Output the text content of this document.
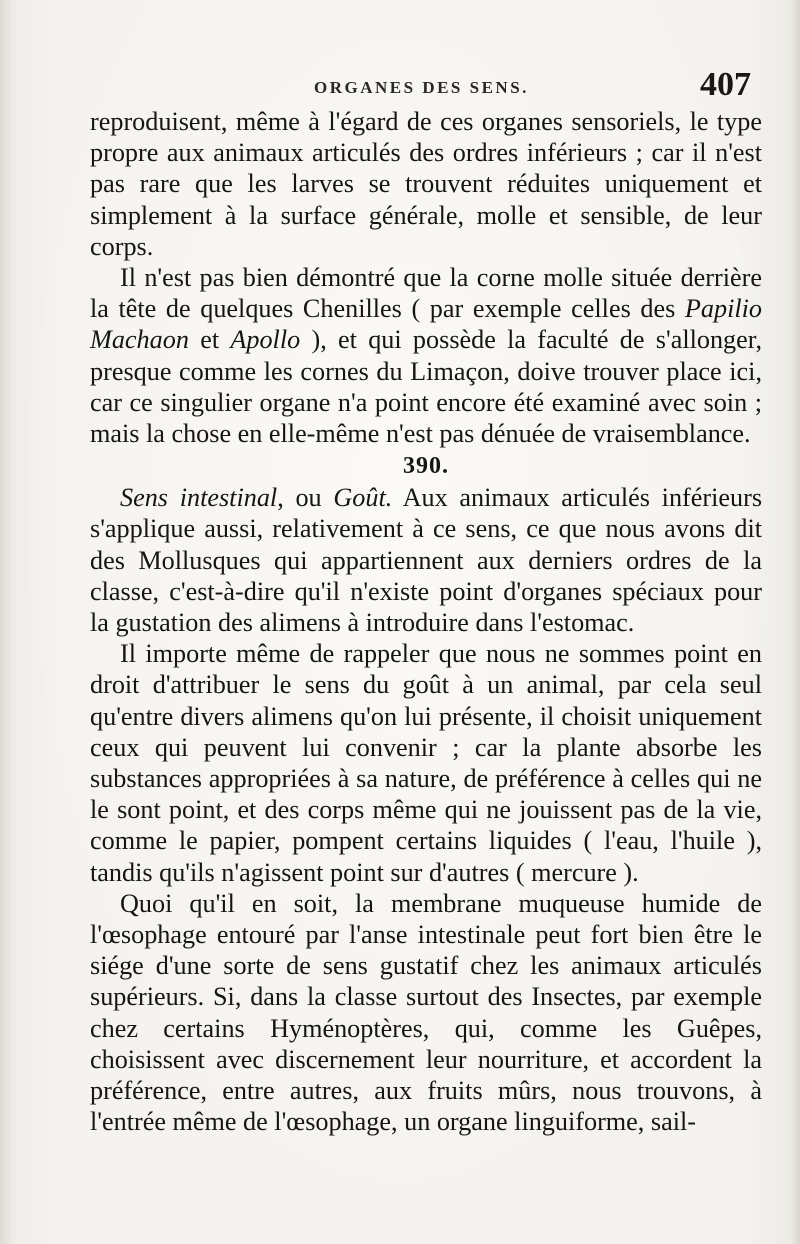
ORGANES DES SENS.	407

reproduisent, même à l'égard de ces organes sensoriels, le type propre aux animaux articulés des ordres inférieurs ; car il n'est pas rare que les larves se trouvent réduites uniquement et simplement à la surface générale, molle et sensible, de leur corps.

Il n'est pas bien démontré que la corne molle située derrière la tête de quelques Chenilles ( par exemple celles des Papilio Machaon et Apollo ), et qui possède la faculté de s'allonger, presque comme les cornes du Limaçon, doive trouver place ici, car ce singulier organe n'a point encore été examiné avec soin ; mais la chose en elle-même n'est pas dénuée de vraisemblance.

390.

Sens intestinal, ou Goût. Aux animaux articulés inférieurs s'applique aussi, relativement à ce sens, ce que nous avons dit des Mollusques qui appartiennent aux derniers ordres de la classe, c'est-à-dire qu'il n'existe point d'organes spéciaux pour la gustation des alimens à introduire dans l'estomac.

Il importe même de rappeler que nous ne sommes point en droit d'attribuer le sens du goût à un animal, par cela seul qu'entre divers alimens qu'on lui présente, il choisit uniquement ceux qui peuvent lui convenir ; car la plante absorbe les substances appropriées à sa nature, de préférence à celles qui ne le sont point, et des corps même qui ne jouissent pas de la vie, comme le papier, pompent certains liquides ( l'eau, l'huile ), tandis qu'ils n'agissent point sur d'autres ( mercure ).

Quoi qu'il en soit, la membrane muqueuse humide de l'œsophage entouré par l'anse intestinale peut fort bien être le siége d'une sorte de sens gustatif chez les animaux articulés supérieurs. Si, dans la classe surtout des Insectes, par exemple chez certains Hyménoptères, qui, comme les Guêpes, choisissent avec discernement leur nourriture, et accordent la préférence, entre autres, aux fruits mûrs, nous trouvons, à l'entrée même de l'œsophage, un organe linguiforme, sail-
